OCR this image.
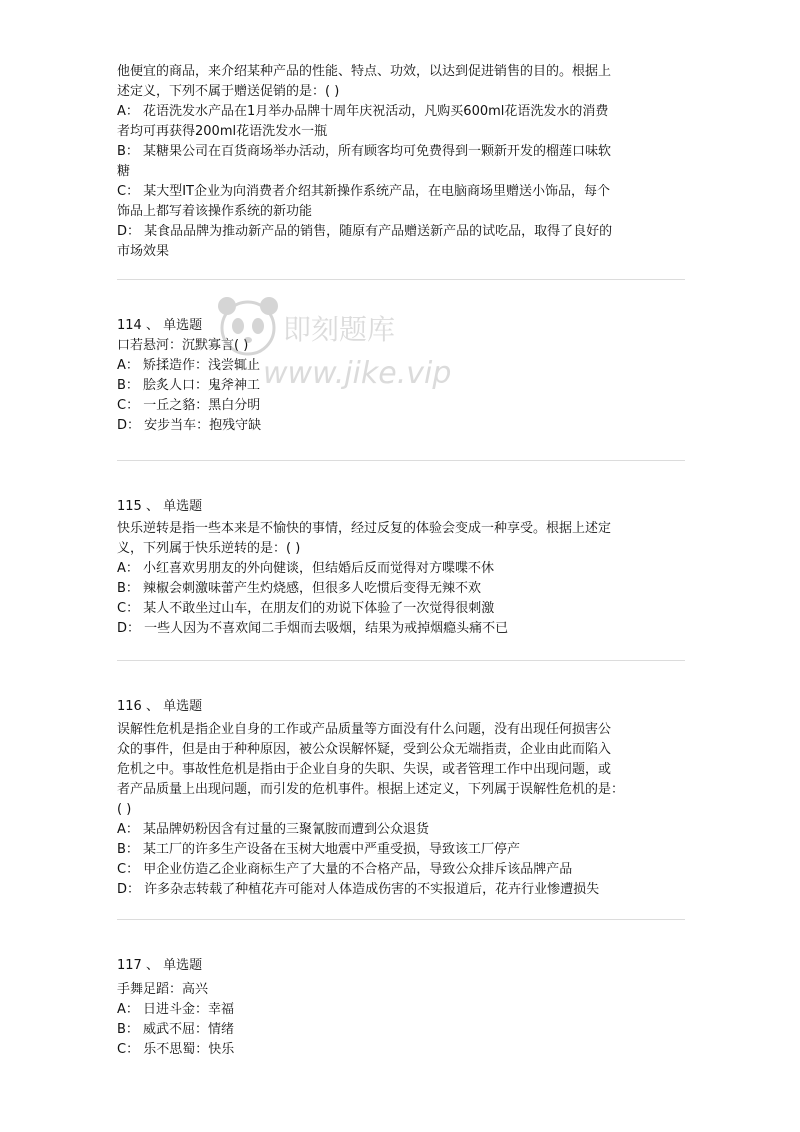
他便宜的商品，来介绍某种产品的性能、特点、功效，以达到促进销售的目的。根据上
述定义，下列不属于赠送促销的是：( )
A： 花语洗发水产品在1月举办品牌十周年庆祝活动，凡购买600ml花语洗发水的消费
者均可再获得200ml花语洗发水一瓶
B： 某糖果公司在百货商场举办活动，所有顾客均可免费得到一颗新开发的榴莲口味软
糖
C： 某大型IT企业为向消费者介绍其新操作系统产品，在电脑商场里赠送小饰品，每个
饰品上都写着该操作系统的新功能
D： 某食品品牌为推动新产品的销售，随原有产品赠送新产品的试吃品，取得了良好的
市场效果
114 、 单选题
口若悬河：沉默寡言( )
A： 矫揉造作：浅尝辄止
B： 脍炙人口：鬼斧神工
C： 一丘之貉：黑白分明
D： 安步当车：抱残守缺
115 、 单选题
快乐逆转是指一些本来是不愉快的事情，经过反复的体验会变成一种享受。根据上述定
义，下列属于快乐逆转的是：( )
A： 小红喜欢男朋友的外向健谈，但结婚后反而觉得对方喋喋不休
B： 辣椒会刺激味蕾产生灼烧感，但很多人吃惯后变得无辣不欢
C： 某人不敢坐过山车，在朋友们的劝说下体验了一次觉得很刺激
D： 一些人因为不喜欢闻二手烟而去吸烟，结果为戒掉烟瘾头痛不已
116 、 单选题
误解性危机是指企业自身的工作或产品质量等方面没有什么问题，没有出现任何损害公
众的事件，但是由于种种原因，被公众误解怀疑，受到公众无端指责，企业由此而陷入
危机之中。事故性危机是指由于企业自身的失职、失误，或者管理工作中出现问题，或
者产品质量上出现问题，而引发的危机事件。根据上述定义，下列属于误解性危机的是：
( )
A： 某品牌奶粉因含有过量的三聚氰胺而遭到公众退货
B： 某工厂的许多生产设备在玉树大地震中严重受损，导致该工厂停产
C： 甲企业仿造乙企业商标生产了大量的不合格产品，导致公众排斥该品牌产品
D： 许多杂志转载了种植花卉可能对人体造成伤害的不实报道后，花卉行业惨遭损失
117 、 单选题
手舞足蹈：高兴
A： 日进斗金：幸福
B： 威武不屈：情绪
C： 乐不思蜀：快乐
即刻题库
www.jike.vip
